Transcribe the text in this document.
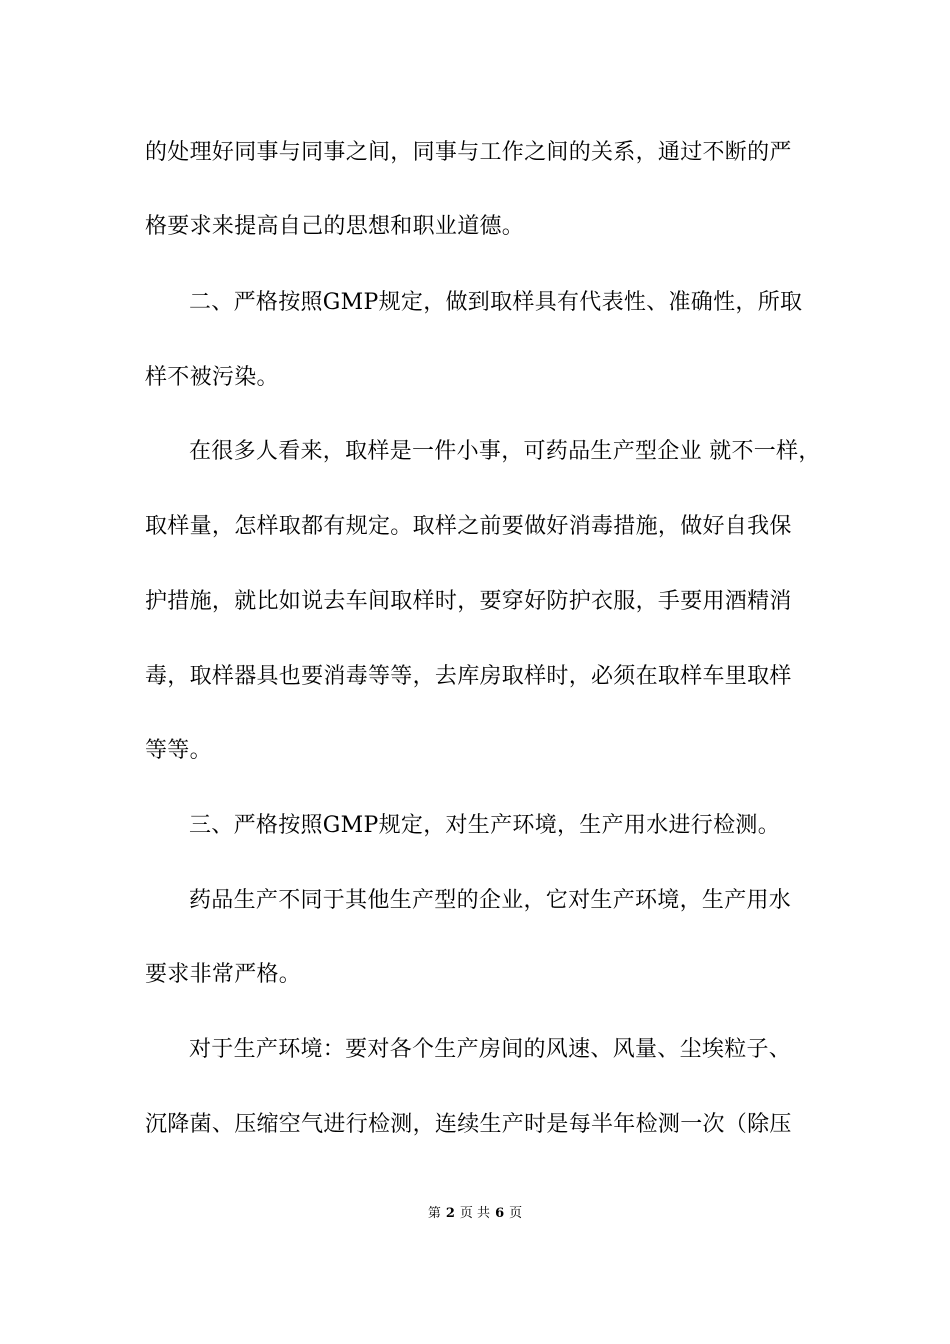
的处理好同事与同事之间，同事与工作之间的关系，通过不断的严
格要求来提高自己的思想和职业道德。
二、严格按照GMP规定，做到取样具有代表性、准确性，所取
样不被污染。
在很多人看来，取样是一件小事，可药品生产型企业 就不一样，
取样量，怎样取都有规定。取样之前要做好消毒措施，做好自我保
护措施，就比如说去车间取样时，要穿好防护衣服，手要用酒精消
毒，取样器具也要消毒等等，去库房取样时，必须在取样车里取样
等等。
三、严格按照GMP规定，对生产环境，生产用水进行检测。
药品生产不同于其他生产型的企业，它对生产环境，生产用水
要求非常严格。
对于生产环境：要对各个生产房间的风速、风量、尘埃粒子、
沉降菌、压缩空气进行检测，连续生产时是每半年检测一次（除压
第 2 页 共 6 页
